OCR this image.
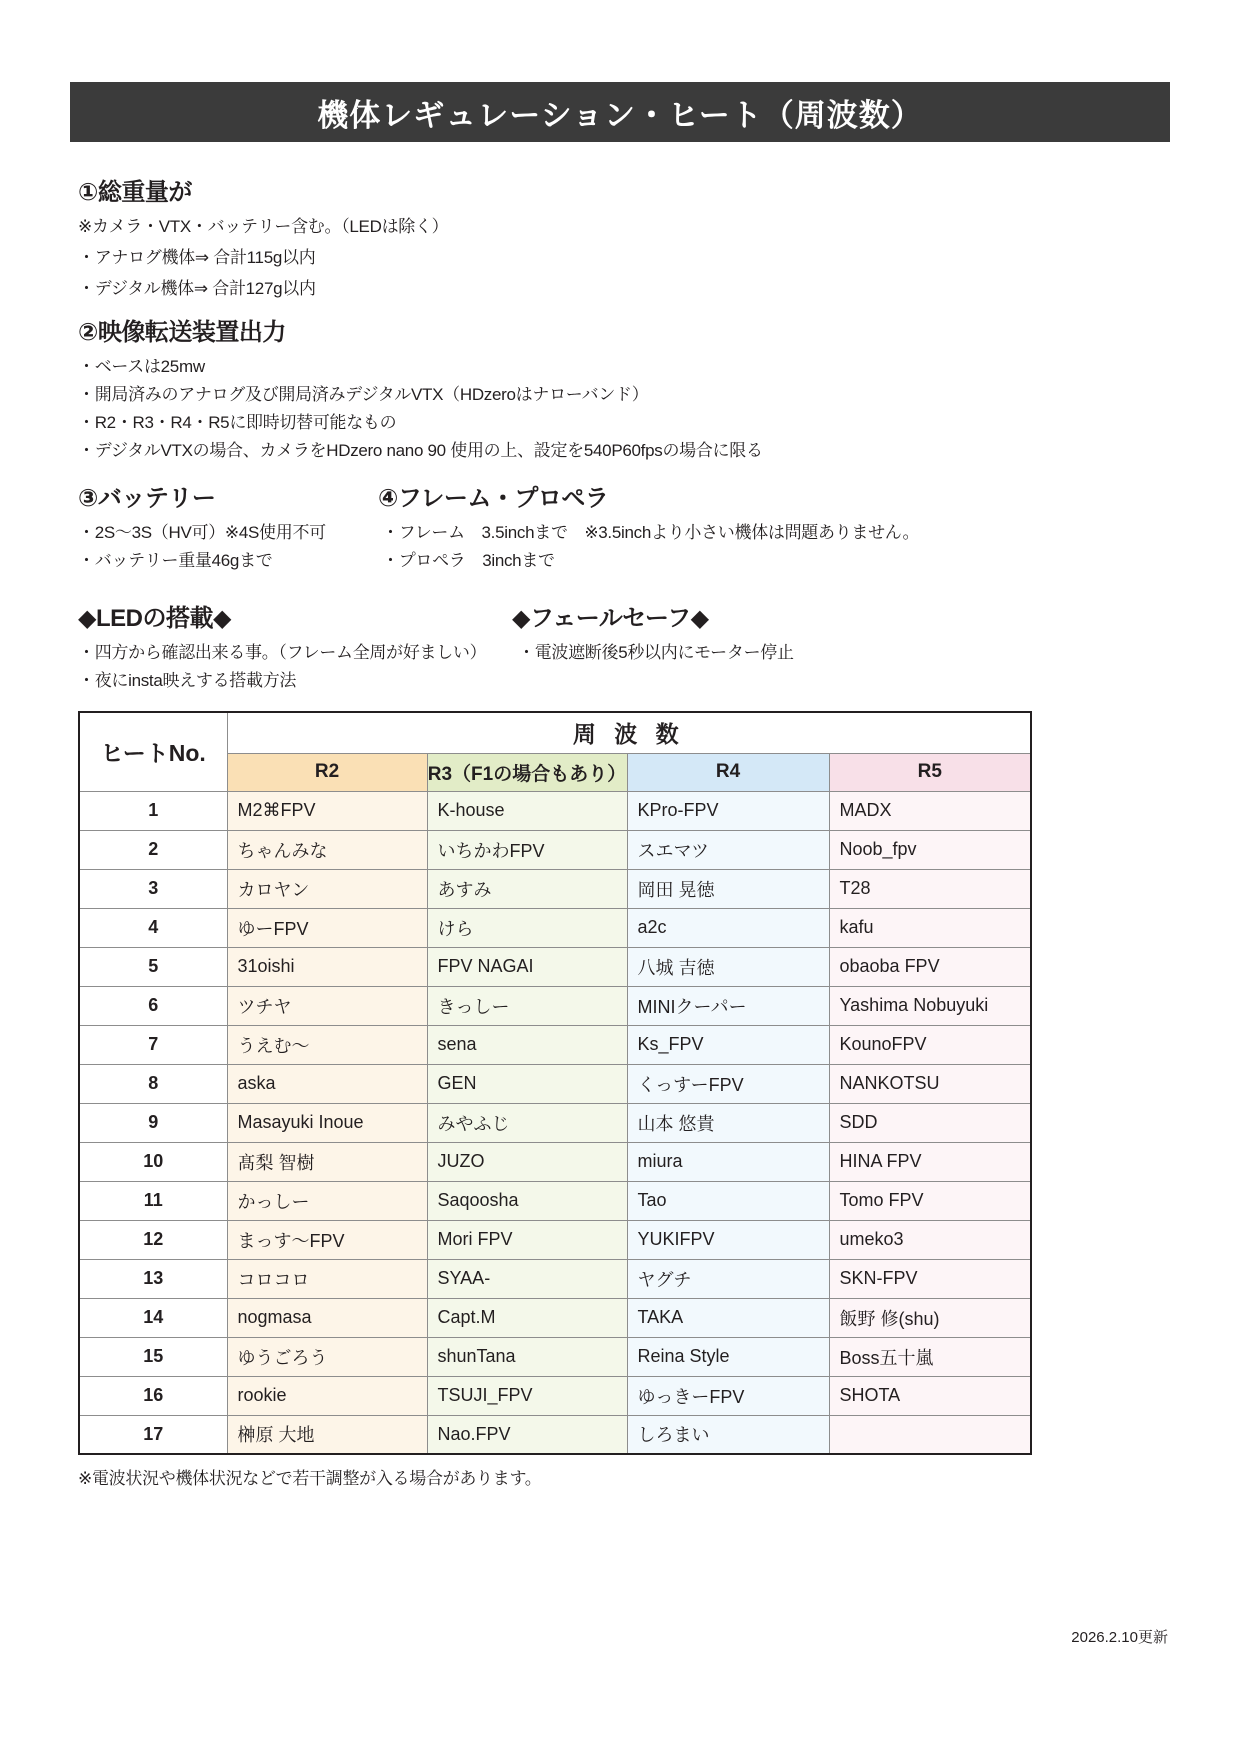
機体レギュレーション・ヒート（周波数）
①総重量が
※カメラ・VTX・バッテリー含む。（LEDは除く）
・アナログ機体⇒ 合計115g以内
・デジタル機体⇒ 合計127g以内
②映像転送装置出力
・ベースは25mw
・開局済みのアナログ及び開局済みデジタルVTX（HDzeroはナローバンド）
・R2・R3・R4・R5に即時切替可能なもの
・デジタルVTXの場合、カメラをHDzero nano 90 使用の上、設定を540P60fpsの場合に限る
③バッテリー
・2S～3S（HV可）※4S使用不可
・バッテリー重量46gまで
④フレーム・プロペラ
・フレーム　3.5inchまで　※3.5inchより小さい機体は問題ありません。
・プロペラ　3inchまで
◆LEDの搭載◆
・四方から確認出来る事。（フレーム全周が好ましい）
・夜にinsta映えする搭載方法
◆フェールセーフ◆
・電波遮断後5秒以内にモーター停止
ヒートNo.	周 波 数			
	R2	R3（F1の場合もあり）	R4	R5
1	M2⌘FPV	K-house	KPro-FPV	MADX
2	ちゃんみな	いちかわFPV	スエマツ	Noob_fpv
3	カロヤン	あすみ	岡田 晃徳	T28
4	ゆーFPV	けら	a2c	kafu
5	31oishi	FPV NAGAI	八城 吉徳	obaoba FPV
6	ツチヤ	きっしー	MINIクーパー	Yashima Nobuyuki
7	うえむ〜	sena	Ks_FPV	KounoFPV
8	aska	GEN	くっすーFPV	NANKOTSU
9	Masayuki Inoue	みやふじ	山本 悠貴	SDD
10	髙梨 智樹	JUZO	miura	HINA FPV
11	かっしー	Saqoosha	Tao	Tomo FPV
12	まっす〜FPV	Mori FPV	YUKIFPV	umeko3
13	コロコロ	SYAA-	ヤグチ	SKN-FPV
14	nogmasa	Capt.M	TAKA	飯野 修(shu)
15	ゆうごろう	shunTana	Reina Style	Boss五十嵐
16	rookie	TSUJI_FPV	ゆっきーFPV	SHOTA
17	榊原 大地	Nao.FPV	しろまい	
※電波状況や機体状況などで若干調整が入る場合があります。
2026.2.10更新
